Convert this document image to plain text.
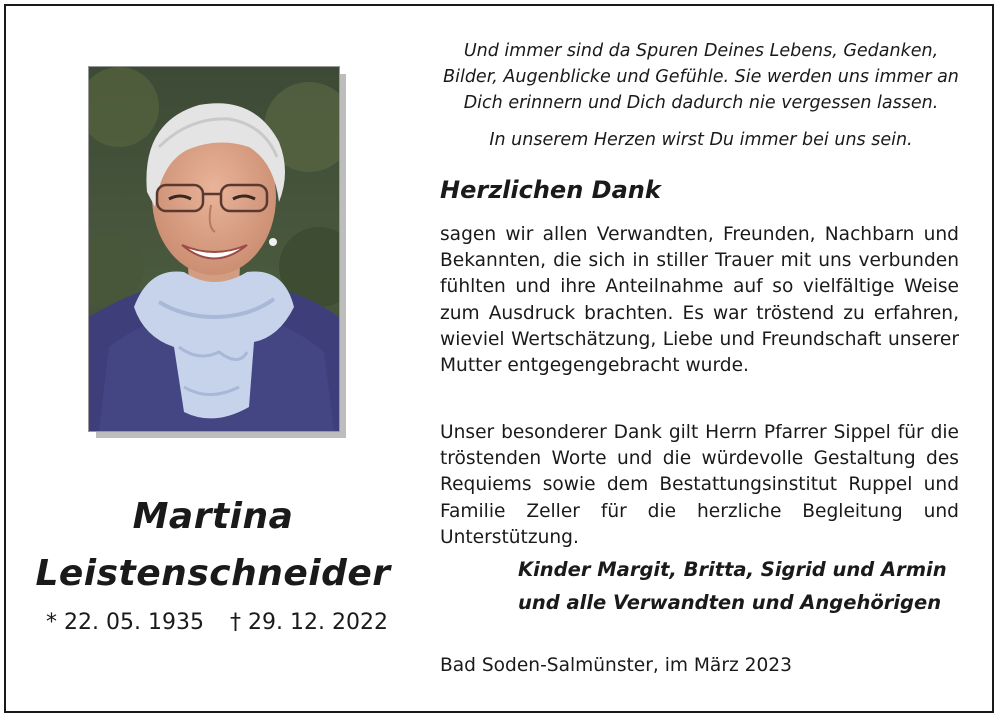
Martina
Leistenschneider
* 22. 05. 1935 † 29. 12. 2022
Und immer sind da Spuren Deines Lebens, Gedanken, Bilder, Augenblicke und Gefühle. Sie werden uns immer an Dich erinnern und Dich dadurch nie vergessen lassen.
In unserem Herzen wirst Du immer bei uns sein.
Herzlichen Dank

sagen wir allen Verwandten, Freunden, Nachbarn und Bekannten, die sich in stiller Trauer mit uns verbunden fühlten und ihre Anteilnahme auf so vielfältige Weise zum Ausdruck brachten. Es war tröstend zu erfahren, wieviel Wertschätzung, Liebe und Freundschaft unserer Mutter entgegengebracht wurde.

Unser besonderer Dank gilt Herrn Pfarrer Sippel für die tröstenden Worte und die würdevolle Gestaltung des Requiems sowie dem Bestattungsinstitut Ruppel und Familie Zeller für die herzliche Begleitung und Unterstützung.

Kinder Margit, Britta, Sigrid und Armin
und alle Verwandten und Angehörigen
Bad Soden-Salmünster, im März 2023
